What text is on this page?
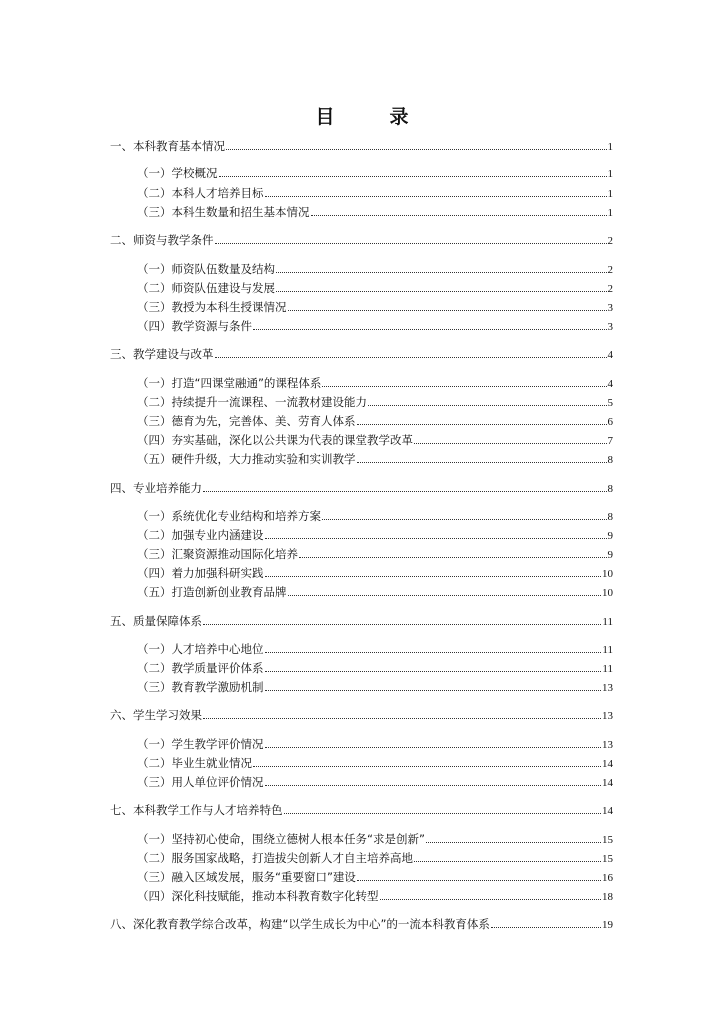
目　录
一、本科教育基本情况	1
（一）学校概况	1
（二）本科人才培养目标	1
（三）本科生数量和招生基本情况	1
二、师资与教学条件	2
（一）师资队伍数量及结构	2
（二）师资队伍建设与发展	2
（三）教授为本科生授课情况	3
（四）教学资源与条件	3
三、教学建设与改革	4
（一）打造“四课堂融通”的课程体系	4
（二）持续提升一流课程、一流教材建设能力	5
（三）德育为先，完善体、美、劳育人体系	6
（四）夯实基础，深化以公共课为代表的课堂教学改革	7
（五）硬件升级，大力推动实验和实训教学	8
四、专业培养能力	8
（一）系统优化专业结构和培养方案	8
（二）加强专业内涵建设	9
（三）汇聚资源推动国际化培养	9
（四）着力加强科研实践	10
（五）打造创新创业教育品牌	10
五、质量保障体系	11
（一）人才培养中心地位	11
（二）教学质量评价体系	11
（三）教育教学激励机制	13
六、学生学习效果	13
（一）学生教学评价情况	13
（二）毕业生就业情况	14
（三）用人单位评价情况	14
七、本科教学工作与人才培养特色	14
（一）坚持初心使命，围绕立德树人根本任务“求是创新”	15
（二）服务国家战略，打造拔尖创新人才自主培养高地	15
（三）融入区域发展，服务“重要窗口”建设	16
（四）深化科技赋能，推动本科教育数字化转型	18
八、深化教育教学综合改革，构建“以学生成长为中心”的一流本科教育体系	19
